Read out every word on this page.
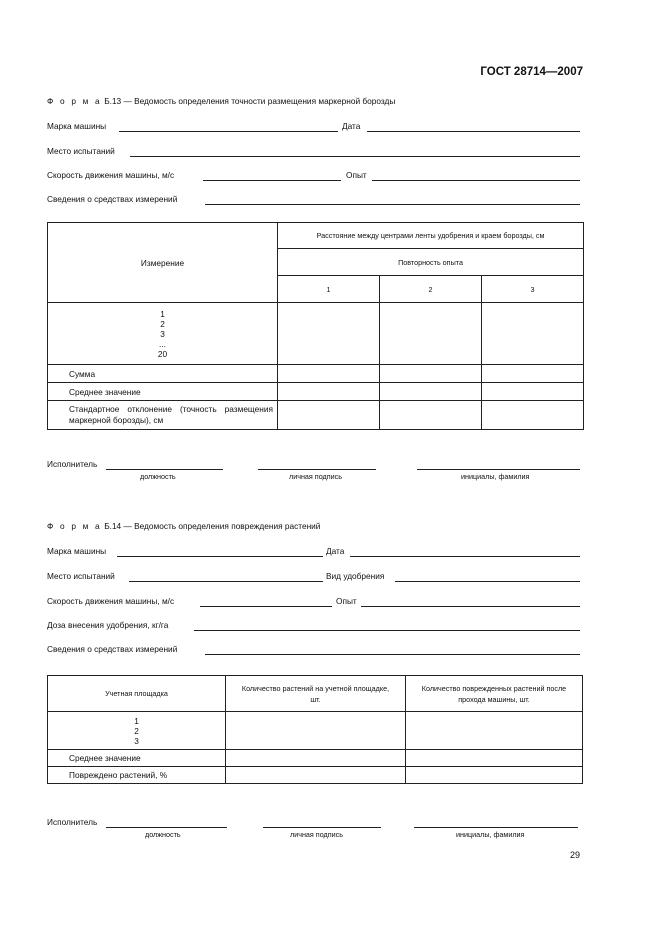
ГОСТ 28714—2007
Ф о р м а Б.13 — Ведомость определения точности размещения маркерной борозды
Марка машины	Дата
Место испытаний
Скорость движения машины, м/с	Опыт
Сведения о средствах измерений
Измерение	Расстояние между центрами ленты удобрения и краем борозды, см		
	Повторность опыта		
	1	2	3

1
2
3
...
20			

Сумма			
Среднее значение			
Стандартное отклонение (точность размещения маркерной борозды), см			
Исполнитель
должность	личная подпись	инициалы, фамилия
Ф о р м а Б.14 — Ведомость определения повреждения растений
Марка машины	Дата
Место испытаний	Вид удобрения
Скорость движения машины, м/с	Опыт
Доза внесения удобрения, кг/га
Сведения о средствах измерений
Учетная площадка	Количество растений на учетной площадке, шт.	Количество поврежденных растений после прохода машины, шт.

1
2
3		

Среднее значение		
Повреждено растений, %		
Исполнитель
должность	личная подпись	инициалы, фамилия
29
